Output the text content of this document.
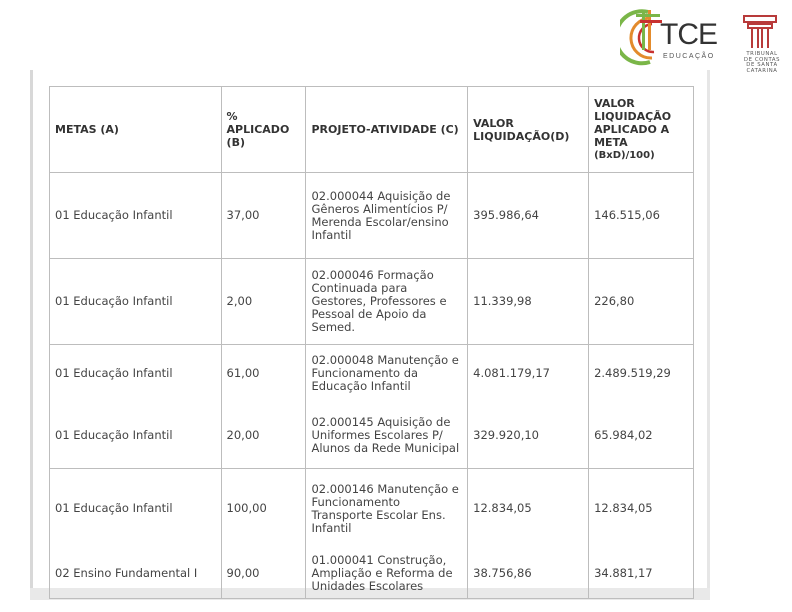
TCE
EDUCAÇÃO	TRIBUNAL
DE CONTAS
DE SANTA
CATARINA
METAS (A)	% APLICADO (B)	PROJETO-ATIVIDADE (C)	VALOR LIQUIDAÇÃO(D)	VALOR LIQUIDAÇÃO APLICADO A META
(BxD)/100)

01 Educação Infantil	37,00	02.000044 Aquisição de Gêneros Alimentícios P/ Merenda Escolar/ensino Infantil	395.986,64	146.515,06
01 Educação Infantil	2,00	02.000046 Formação Continuada para Gestores, Professores e Pessoal de Apoio da Semed.	11.339,98	226,80
01 Educação Infantil	61,00	02.000048 Manutenção e Funcionamento da Educação Infantil	4.081.179,17	2.489.519,29
01 Educação Infantil	20,00	02.000145 Aquisição de Uniformes Escolares P/ Alunos da Rede Municipal	329.920,10	65.984,02
01 Educação Infantil	100,00	02.000146 Manutenção e Funcionamento Transporte Escolar Ens. Infantil	12.834,05	12.834,05
02 Ensino Fundamental I	90,00	01.000041 Construção, Ampliação e Reforma de Unidades Escolares	38.756,86	34.881,17
